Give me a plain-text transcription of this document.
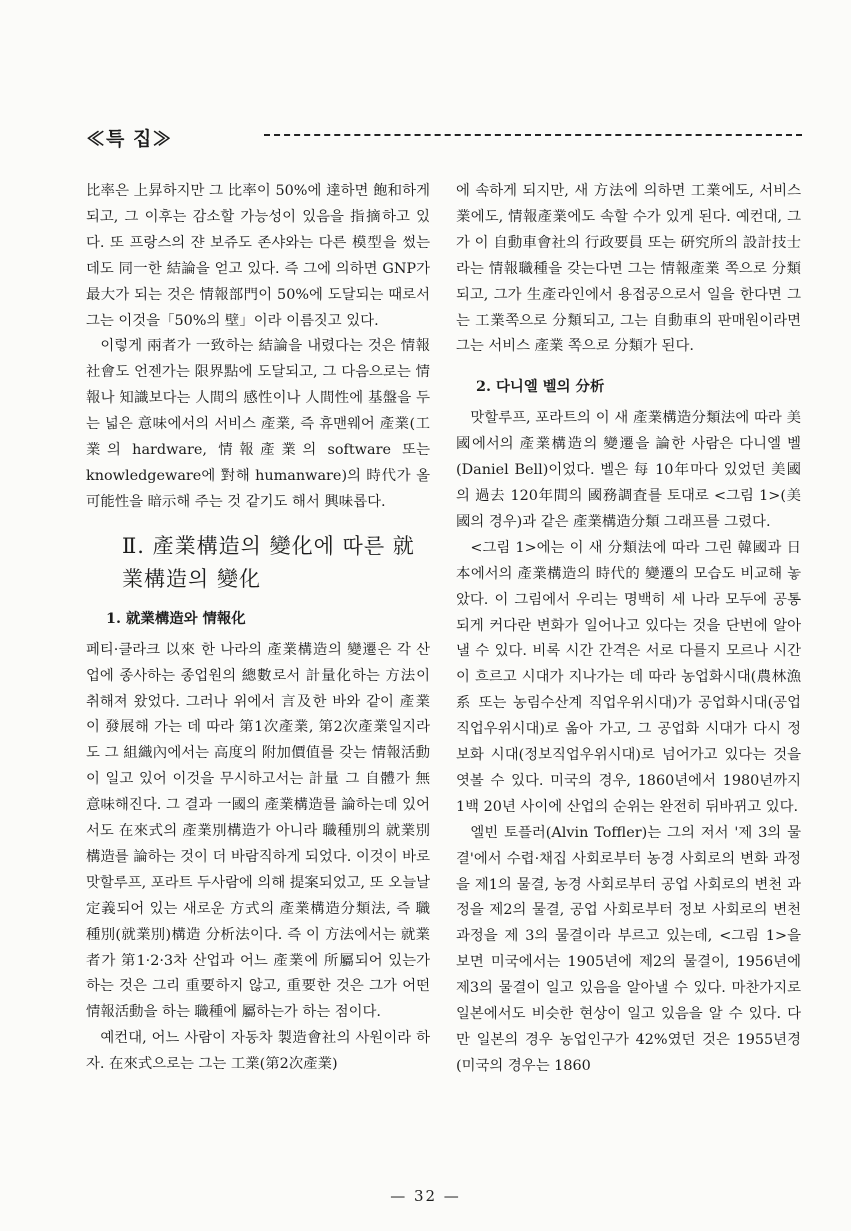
≪특 집≫

比率은 上昇하지만 그 比率이 50%에 達하면 飽和하게 되고, 그 이후는 감소할 가능성이 있음을 指摘하고 있다. 또 프랑스의 쟌 보쥬도 존샤와는 다른 模型을 썼는데도 同一한 結論을 얻고 있다. 즉 그에 의하면 GNP가 最大가 되는 것은 情報部門이 50%에 도달되는 때로서 그는 이것을「50%의 壁」이라 이름짓고 있다.

이렇게 兩者가 一致하는 結論을 내렸다는 것은 情報社會도 언젠가는 限界點에 도달되고, 그 다음으로는 情報나 知識보다는 人間의 感性이나 人間性에 基盤을 두는 넓은 意味에서의 서비스 產業, 즉 휴맨웨어 產業(工業의 hardware, 情報產業의 software 또는 knowledgeware에 對해 humanware)의 時代가 올 可能性을 暗示해 주는 것 같기도 해서 興味롭다.

Ⅱ. 產業構造의 變化에 따른 就業構造의 變化
1. 就業構造와 情報化

페티·클라크 以來 한 나라의 產業構造의 變遷은 각 산업에 종사하는 종업원의 總數로서 計量化하는 方法이 취해져 왔었다. 그러나 위에서 言及한 바와 같이 產業이 發展해 가는 데 따라 第1次產業, 第2次產業일지라도 그 組織內에서는 高度의 附加價值를 갖는 情報活動이 일고 있어 이것을 무시하고서는 計量 그 自體가 無意味해진다. 그 결과 一國의 產業構造를 論하는데 있어서도 在來式의 產業別構造가 아니라 職種別의 就業別構造를 論하는 것이 더 바람직하게 되었다. 이것이 바로 맛할루프, 포라트 두사람에 의해 提案되었고, 또 오늘날 定義되어 있는 새로운 方式의 產業構造分類法, 즉 職種別(就業別)構造 分析法이다. 즉 이 方法에서는 就業者가 第1·2·3차 산업과 어느 產業에 所屬되어 있는가 하는 것은 그리 重要하지 않고, 重要한 것은 그가 어떤 情報活動을 하는 職種에 屬하는가 하는 점이다.

예컨대, 어느 사람이 자동차 製造會社의 사원이라 하자. 在來式으로는 그는 工業(第2次產業)

에 속하게 되지만, 새 方法에 의하면 工業에도, 서비스業에도, 情報產業에도 속할 수가 있게 된다. 예컨대, 그가 이 自動車會社의 行政要員 또는 硏究所의 設計技士라는 情報職種을 갖는다면 그는 情報產業 쪽으로 分類되고, 그가 生產라인에서 용접공으로서 일을 한다면 그는 工業쪽으로 分類되고, 그는 自動車의 판매원이라면 그는 서비스 產業 쪽으로 分類가 된다.

2. 다니엘 벨의 分析

맛할루프, 포라트의 이 새 產業構造分類法에 따라 美國에서의 產業構造의 變遷을 論한 사람은 다니엘 벨(Daniel Bell)이었다. 벨은 每 10年마다 있었던 美國의 過去 120年間의 國務調査를 토대로 <그림 1>(美國의 경우)과 같은 產業構造分類 그래프를 그렸다.

<그림 1>에는 이 새 分類法에 따라 그린 韓國과 日本에서의 產業構造의 時代的 變遷의 모습도 비교해 놓았다. 이 그림에서 우리는 명백히 세 나라 모두에 공통되게 커다란 변화가 일어나고 있다는 것을 단번에 알아낼 수 있다. 비록 시간 간격은 서로 다를지 모르나 시간이 흐르고 시대가 지나가는 데 따라 농업화시대(農林漁系 또는 농림수산계 직업우위시대)가 공업화시대(공업직업우위시대)로 옮아 가고, 그 공업화 시대가 다시 정보화 시대(정보직업우위시대)로 넘어가고 있다는 것을 엿볼 수 있다. 미국의 경우, 1860년에서 1980년까지 1백 20년 사이에 산업의 순위는 완전히 뒤바뀌고 있다.

엘빈 토플러(Alvin Toffler)는 그의 저서 '제 3의 물결'에서 수렵·채집 사회로부터 농경 사회로의 변화 과정을 제1의 물결, 농경 사회로부터 공업 사회로의 변천 과정을 제2의 물결, 공업 사회로부터 정보 사회로의 변천 과정을 제 3의 물결이라 부르고 있는데, <그림 1>을 보면 미국에서는 1905년에 제2의 물결이, 1956년에 제3의 물결이 일고 있음을 알아낼 수 있다. 마찬가지로 일본에서도 비슷한 현상이 일고 있음을 알 수 있다. 다만 일본의 경우 농업인구가 42%였던 것은 1955년경(미국의 경우는 1860

— 32 —
